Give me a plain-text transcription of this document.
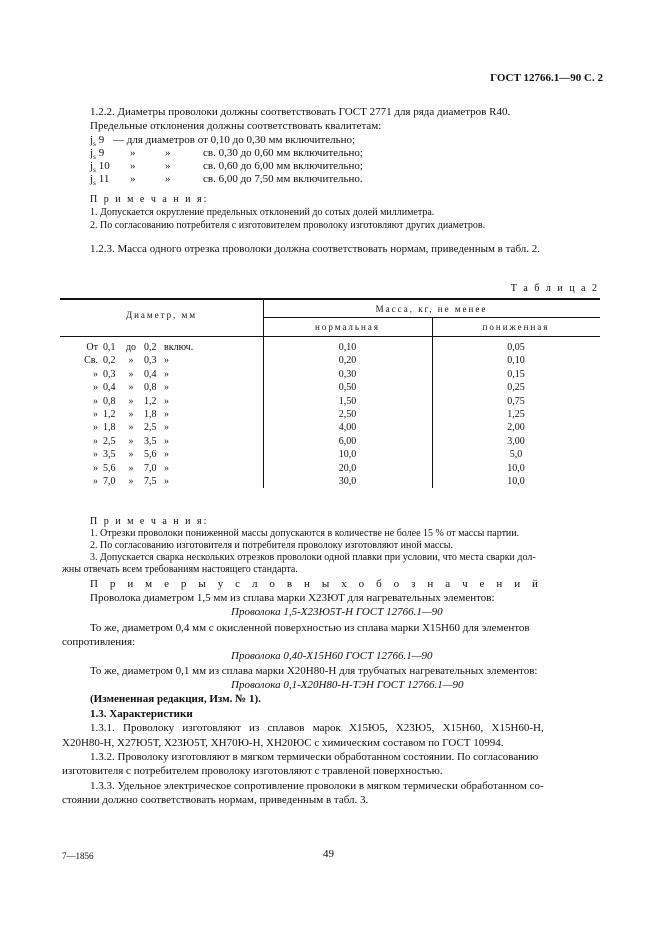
ГОСТ 12766.1—90 С. 2
1.2.2. Диаметры проволоки должны соответствовать ГОСТ 2771 для ряда диаметров R40.
Предельные отклонения должны соответствовать квалитетам:
$j_s$ 9 — для диаметров от 0,10 до 0,30 мм включительно;
$j_s$ 9 »	»	св. 0,30 до 0,60 мм включительно;
$j_s$ 10 »	»	св. 0,60 до 6,00 мм включительно;
$j_s$ 11 »	»	св. 6,00 до 7,50 мм включительно.
П р и м е ч а н и я:
1. Допускается округление предельных отклонений до сотых долей миллиметра.
2. По согласованию потребителя с изготовителем проволоку изготовляют других диаметров.
1.2.3. Масса одного отрезка проволоки должна соответствовать нормам, приведенным в табл. 2.
Т а б л и ц а 2
Диаметр, мм
Масса, кг, не менее
нормальная	пониженная
От 0,1	до 0,2 включ.	0,10	0,05
Св. 0,2	»	0,3 »	0,20	0,10
» 0,3	»	0,4 »	0,30	0,15
» 0,4	»	0,8 »	0,50	0,25
» 0,8	»	1,2 »	1,50	0,75
» 1,2	»	1,8 »	2,50	1,25
» 1,8	»	2,5 »	4,00	2,00
» 2,5	»	3,5 »	6,00	3,00
» 3,5	»	5,6 »	10,0	5,0
» 5,6	»	7,0 »	20,0	10,0
» 7,0	»	7,5 »	30,0	10,0
П р и м е ч а н и я:
1. Отрезки проволоки пониженной массы допускаются в количестве не более 15 % от массы партии.
2. По согласованию изготовителя и потребителя проволоку изготовляют иной массы.
3. Допускается сварка нескольких отрезков проволоки одной плавки при условии, что места сварки дол-
жны отвечать всем требованиям настоящего стандарта.
П р и м е р ы у с л о в н ы х о б о з н а ч е н и й
Проволока диаметром 1,5 мм из сплава марки Х23ЮТ для нагревательных элементов:
Проволока 1,5-Х23Ю5Т-Н ГОСТ 12766.1—90
То же, диаметром 0,4 мм с окисленной поверхностью из сплава марки Х15Н60 для элементов
сопротивления:
Проволока 0,40-Х15Н60 ГОСТ 12766.1—90
То же, диаметром 0,1 мм из сплава марки Х20Н80-Н для трубчатых нагревательных элементов:
Проволока 0,1-Х20Н80-Н-ТЭН ГОСТ 12766.1—90
(Измененная редакция, Изм. № 1).
1.3. Характеристики
1.3.1. Проволоку изготовляют из сплавов марок Х15Ю5, Х23Ю5, Х15Н60, Х15Н60-Н,
Х20Н80-Н, Х27Ю5Т, Х23Ю5Т, ХН70Ю-Н, ХН20ЮС с химическим составом по ГОСТ 10994.
1.3.2. Проволоку изготовляют в мягком термически обработанном состоянии. По согласованию
изготовителя с потребителем проволоку изготовляют с травленой поверхностью.
1.3.3. Удельное электрическое сопротивление проволоки в мягком термически обработанном со-
стоянии должно соответствовать нормам, приведенным в табл. 3.
7—1856	49
